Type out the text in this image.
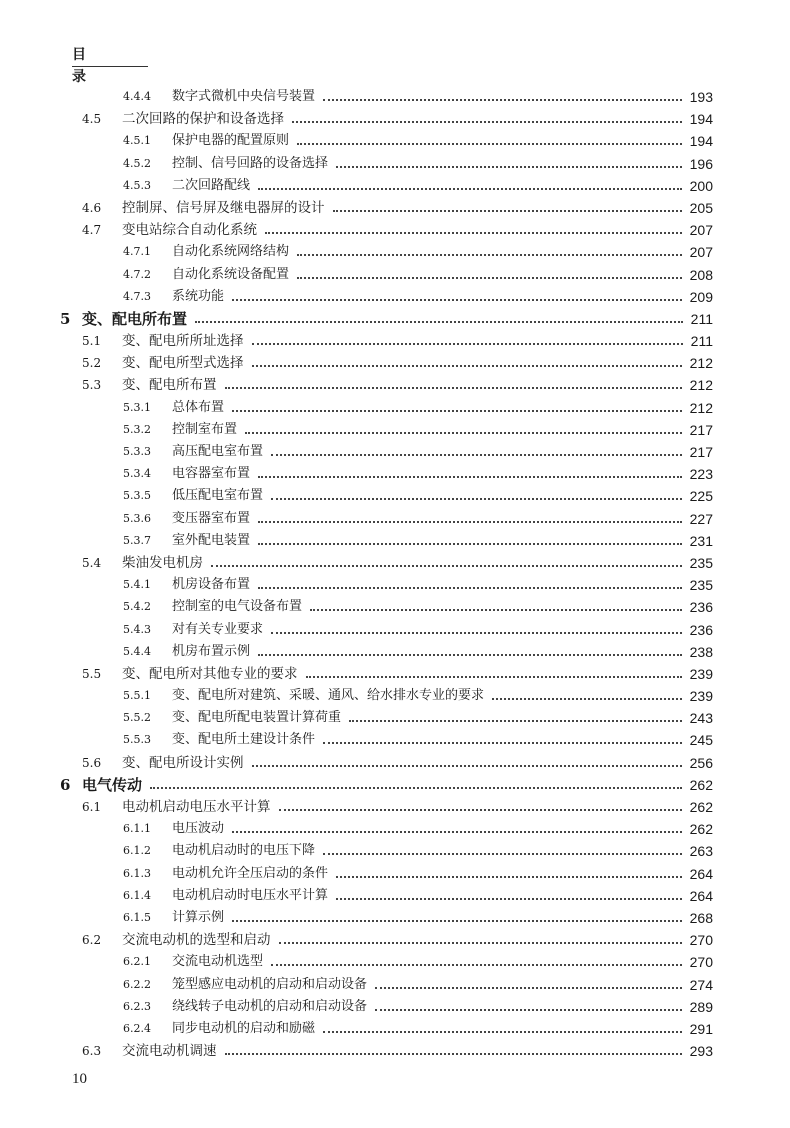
目 录
4.4.4 数字式微机中央信号装置	193
4.5 二次回路的保护和设备选择	194
4.5.1 保护电器的配置原则	194
4.5.2 控制、信号回路的设备选择	196
4.5.3 二次回路配线	200
4.6 控制屏、信号屏及继电器屏的设计	205
4.7 变电站综合自动化系统	207
4.7.1 自动化系统网络结构	207
4.7.2 自动化系统设备配置	208
4.7.3 系统功能	209
5 变、配电所布置	211
5.1 变、配电所所址选择	211
5.2 变、配电所型式选择	212
5.3 变、配电所布置	212
5.3.1 总体布置	212
5.3.2 控制室布置	217
5.3.3 高压配电室布置	217
5.3.4 电容器室布置	223
5.3.5 低压配电室布置	225
5.3.6 变压器室布置	227
5.3.7 室外配电装置	231
5.4 柴油发电机房	235
5.4.1 机房设备布置	235
5.4.2 控制室的电气设备布置	236
5.4.3 对有关专业要求	236
5.4.4 机房布置示例	238
5.5 变、配电所对其他专业的要求	239
5.5.1 变、配电所对建筑、采暖、通风、给水排水专业的要求	239
5.5.2 变、配电所配电装置计算荷重	243
5.5.3 变、配电所土建设计条件	245
5.6 变、配电所设计实例	256
6 电气传动	262
6.1 电动机启动电压水平计算	262
6.1.1 电压波动	262
6.1.2 电动机启动时的电压下降	263
6.1.3 电动机允许全压启动的条件	264
6.1.4 电动机启动时电压水平计算	264
6.1.5 计算示例	268
6.2 交流电动机的选型和启动	270
6.2.1 交流电动机选型	270
6.2.2 笼型感应电动机的启动和启动设备	274
6.2.3 绕线转子电动机的启动和启动设备	289
6.2.4 同步电动机的启动和励磁	291
6.3 交流电动机调速	293
10
